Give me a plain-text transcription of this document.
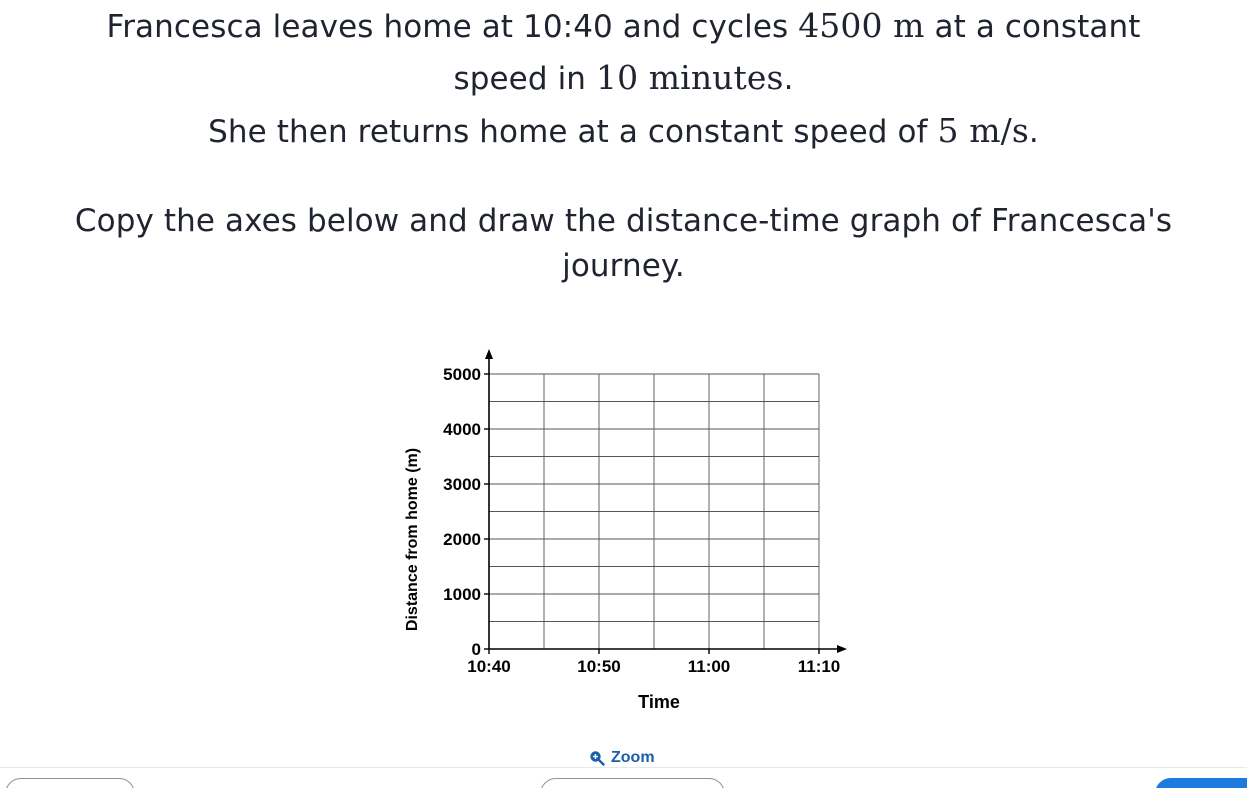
Francesca leaves home at 10:40 and cycles 4500 m at a constant
speed in 10 minutes.
She then returns home at a constant speed of 5 m/s.
Copy the axes below and draw the distance-time graph of Francesca's
journey.
0
1000
2000
3000
4000
5000
10:40	10:50	11:00	11:10
Time
Distance from home (m)
Zoom
